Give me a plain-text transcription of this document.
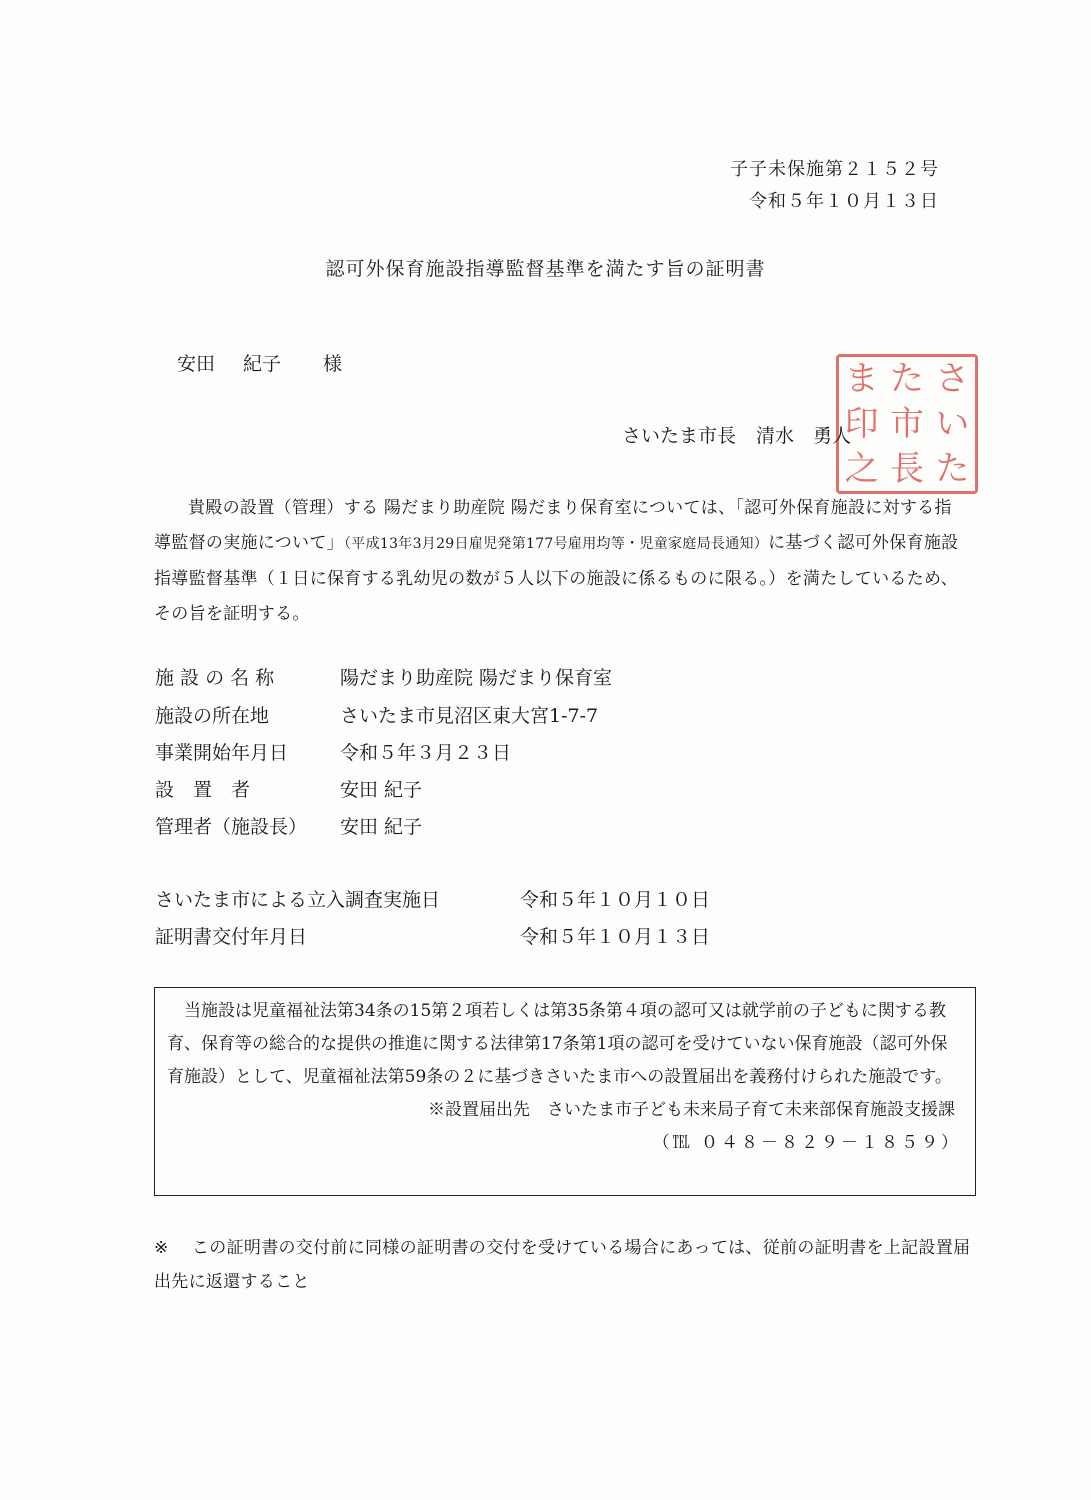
子子未保施第２１５２号
令和５年１０月１３日
認可外保育施設指導監督基準を満たす旨の証明書
安田 紀子 様	ま た さ
印 市 い
之 長 た
さいたま市長 清水　勇人
貴殿の設置（管理）する 陽だまり助産院 陽だまり保育室については、「認可外保育施設に対する指導監督の実施について」（平成13年3月29日雇児発第177号雇用均等・児童家庭局長通知）に基づく認可外保育施設指導監督基準（１日に保育する乳幼児の数が５人以下の施設に係るものに限る。）を満たしているため、その旨を証明する。
施 設 の 名 称	陽だまり助産院 陽だまり保育室
施設の所在地	さいたま市見沼区東大宮1-7-7
事業開始年月日	令和５年３月２３日
設　置　者	安田 紀子
管理者（施設長） 安田 紀子
さいたま市による立入調査実施日	令和５年１０月１０日
証明書交付年月日	令和５年１０月１３日
当施設は児童福祉法第34条の15第２項若しくは第35条第４項の認可又は就学前の子どもに関する教育、保育等の総合的な提供の推進に関する法律第17条第1項の認可を受けていない保育施設（認可外保育施設）として、児童福祉法第59条の２に基づきさいたま市への設置届出を義務付けられた施設です。
※設置届出先　さいたま市子ども未来局子育て未来部保育施設支援課
（℡ ０４８－８２９－１８５９）
※ この証明書の交付前に同様の証明書の交付を受けている場合にあっては、従前の証明書を上記設置届出先に返還すること
